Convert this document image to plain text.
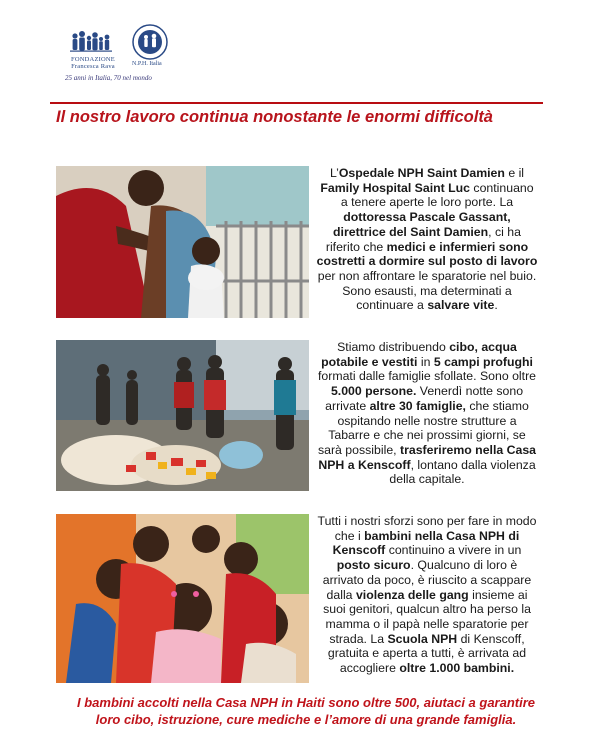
FONDAZIONE
Francesca Rava	N.P.H. Italia
25 anni in Italia, 70 nel mondo
Il nostro lavoro continua nonostante le enormi difficoltà
L’Ospedale NPH Saint Damien e il Family Hospital Saint Luc continuano a tenere aperte le loro porte. La dottoressa Pascale Gassant, direttrice del Saint Damien, ci ha riferito che medici e infermieri sono costretti a dormire sul posto di lavoro per non affrontare le sparatorie nel buio. Sono esausti, ma determinati a continuare a salvare vite.
Stiamo distribuendo cibo, acqua potabile e vestiti in 5 campi profughi formati dalle famiglie sfollate. Sono oltre 5.000 persone. Venerdì notte sono arrivate altre 30 famiglie, che stiamo ospitando nelle nostre strutture a Tabarre e che nei prossimi giorni, se sarà possibile, trasferiremo nella Casa NPH a Kenscoff, lontano dalla violenza della capitale.
Tutti i nostri sforzi sono per fare in modo che i bambini nella Casa NPH di Kenscoff continuino a vivere in un posto sicuro. Qualcuno di loro è arrivato da poco, è riuscito a scappare dalla violenza delle gang insieme ai suoi genitori, qualcun altro ha perso la mamma o il papà nelle sparatorie per strada. La Scuola NPH di Kenscoff, gratuita e aperta a tutti, è arrivata ad accogliere oltre 1.000 bambini.
I bambini accolti nella Casa NPH in Haiti sono oltre 500, aiutaci a garantire
loro cibo, istruzione, cure mediche e l’amore di una grande famiglia.
